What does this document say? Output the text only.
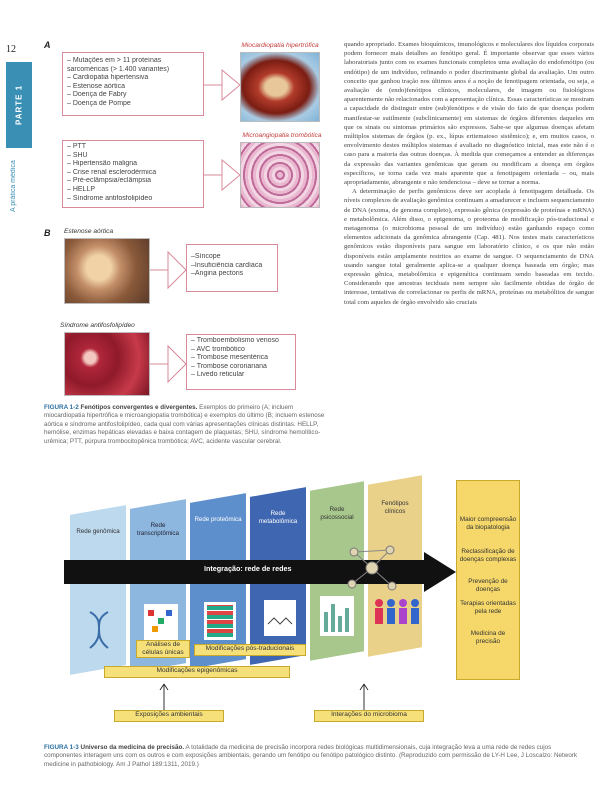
12
PARTE 1
A prática médica
A
– Mutações em > 11 proteínas
sarcoméricas (> 1.400 variantes)
– Cardiopatia hipertensiva
– Estenose aórtica
– Doença de Fabry
– Doença de Pompe
Miocardiopatia hipertrófica
– PTT
– SHU
– Hipertensão maligna
– Crise renal esclerodérmica
– Pré-eclâmpsia/eclâmpsia
– HELLP
– Síndrome antifosfolipídeo
Microangiopatia trombótica
B Estenose aórtica
–Síncope
–Insuficiência cardíaca
–Angina pectoris
Síndrome antifosfolipídeo
– Tromboembolismo venoso
– AVC trombótico
– Trombose mesentérica
– Trombose coronariana
– Livedo reticular
FIGURA 1-2 Fenótipos convergentes e divergentes. Exemplos do primeiro (A; incluem miocardiopatia hipertrófica e microangiopatia trombótica) e exemplos do último (B; incluem estenose aórtica e síndrome antifosfolipídeo, cada qual com várias apresentações clínicas distintas. HELLP, hemólise, enzimas hepáticas elevadas e baixa contagem de plaquetas; SHU, síndrome hemolítico-urêmica; PTT, púrpura trombocitopênica trombótica; AVC, acidente vascular cerebral.

quando apropriado. Exames bioquímicos, imunológicos e moleculares dos líquidos corporais podem fornecer mais detalhes ao fenótipo geral. É importante observar que esses vários laboratoriais junto com os exames funcionais completos uma avaliação do endofenótipo (ou endótipo) de um indivíduo, refinando o poder discriminante global da avaliação. Um outro conceito que ganhou tração nos últimos anos é a noção de fenotipagem orientada, ou seja, a avaliação de (endo)fenótipos clínicos, moleculares, de imagem ou fisiológicos aparentemente não relacionados com a apresentação clínica. Essas características se mostram a capacidade de distinguir entre (sub)fenótipos e de visão do fato de que doenças podem manifestar-se sutilmente (subclinicamente) em sistemas de órgãos diferentes daqueles em que os sinais ou sintomas primários são expressos. Sabe-se que algumas doenças afetam múltiplos sistemas de órgãos (p. ex., lúpus eritematoso sistêmico); e, em muitos casos, o envolvimento destes múltiplos sistemas é avaliado no diagnóstico inicial, mas este não é o caso para a maioria das outras doenças. À medida que começamos a entender as diferenças da expressão das variantes genômicas que geram ou modificam a doença em órgãos específicos, se torna cada vez mais aparente que a fenotipagem orientada – ou, mais apropriadamente, abrangente e não tendenciosa – deve se tornar a norma.

A determinação de perfis genômicos deve ser acoplada à fenotipagem detalhada. Os níveis complexos de avaliação genômica continuam a amadurecer e incluem sequenciamento de DNA (exoma, de genoma completo), expressão gênica (expressão de proteínas e mRNA) e metabolômica. Além disso, o epigenoma, o proteoma de modificação pós-traducional e metagenoma (o microbioma pessoal de um indivíduo) estão ganhando espaço como elementos adicionais da genômica abrangente (Cap. 481). Nos testes mais característicos genômicos estão disponíveis para sangue em laboratório clínico, e os que não estão disponíveis estão amplamente restritos ao exame de sangue. O sequenciamento de DNA usando sangue total geralmente aplica-se a qualquer doença baseada em órgão; mas expressão gênica, metabolômica e epigenética continuam sendo baseadas em tecido. Considerando que amostras teciduais nem sempre são facilmente obtidas de órgão de interesse, tentativas de correlacionar os perfis de mRNA, proteínas ou metabólitos de sangue total com aqueles de órgão envolvido são cruciais

Rede genômica
Rede transcriptômica
Rede proteômica
Rede metabolômica
Rede psicossocial
Fenótipos clínicos
Maior compreensão da biopatologia
Reclassificação de doenças complexas
Prevenção de doenças
Terapias orientadas pela rede
Medicina de precisão
Integração: rede de redes
Análises de células únicas
Modificações pós-traducionais
Modificações epigenômicas
Exposições ambientais	Interações do microbioma
FIGURA 1-3 Universo da medicina de precisão. A totalidade da medicina de precisão incorpora redes biológicas multidimensionais, cuja integração leva a uma rede de redes cujos componentes interagem uns com os outros e com exposições ambientais, gerando um fenótipo ou fenótipo patológico distinto. (Reproduzido com permissão de LY-H Lee, J Loscalzo: Network medicine in pathobiology. Am J Pathol 189:1311, 2019.)
